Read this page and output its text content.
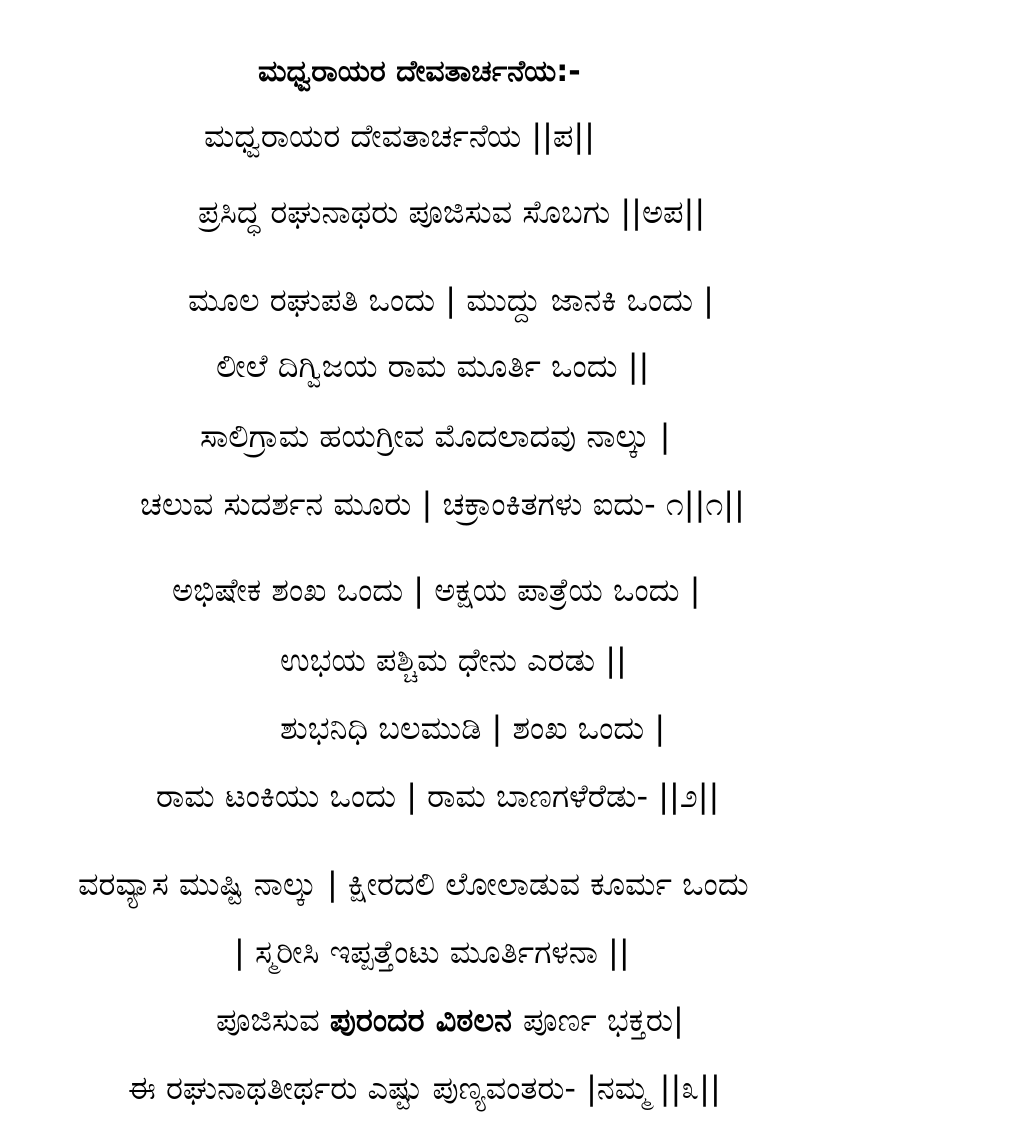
ಮಧ್ವರಾಯರ ದೇವತಾರ್ಚನೆಯ:-
ಮಧ್ವರಾಯರ ದೇವತಾರ್ಚನೆಯ ||ಪ||
ಪ್ರಸಿದ್ಧ ರಘುನಾಥರು ಪೂಜಿಸುವ ಸೊಬಗು ||ಅಪ||
ಮೂಲ ರಘುಪತಿ ಒಂದು | ಮುದ್ದು ಜಾನಕಿ ಒಂದು |
ಲೀಲೆ ದಿಗ್ವಿಜಯ ರಾಮ ಮೂರ್ತಿ ಒಂದು ||
ಸಾಲಿಗ್ರಾಮ ಹಯಗ್ರೀವ ಮೊದಲಾದವು ನಾಲ್ಕು |
ಚಲುವ ಸುದರ್ಶನ ಮೂರು | ಚಕ್ರಾಂಕಿತಗಳು ಐದು- ೧||೧||
ಅಭಿಷೇಕ ಶಂಖ ಒಂದು | ಅಕ್ಷಯ ಪಾತ್ರೆಯ ಒಂದು |
ಉಭಯ ಪಶ್ಚಿಮ ಧೇನು ಎರಡು ||
ಶುಭನಿಧಿ ಬಲಮುಡಿ | ಶಂಖ ಒಂದು |
ರಾಮ ಟಂಕಿಯು ಒಂದು | ರಾಮ ಬಾಣಗಳೆರೆಡು- ||೨||
ವರವ್ಯಾಸ ಮುಷ್ಟಿ ನಾಲ್ಕು | ಕ್ಷೀರದಲಿ ಲೋಲಾಡುವ ಕೂರ್ಮ ಒಂದು
| ಸ್ಮರೀಸಿ ಇಪ್ಪತ್ತೆಂಟು ಮೂರ್ತಿಗಳನಾ ||
ಪೂಜಿಸುವ ಪುರಂದರ ವಿಠಲನ ಪೂರ್ಣ ಭಕ್ತರು|
ಈ ರಘುನಾಥತೀರ್ಥರು ಎಷ್ಟು ಪುಣ್ಯವಂತರು- |ನಮ್ಮ ||೩||
